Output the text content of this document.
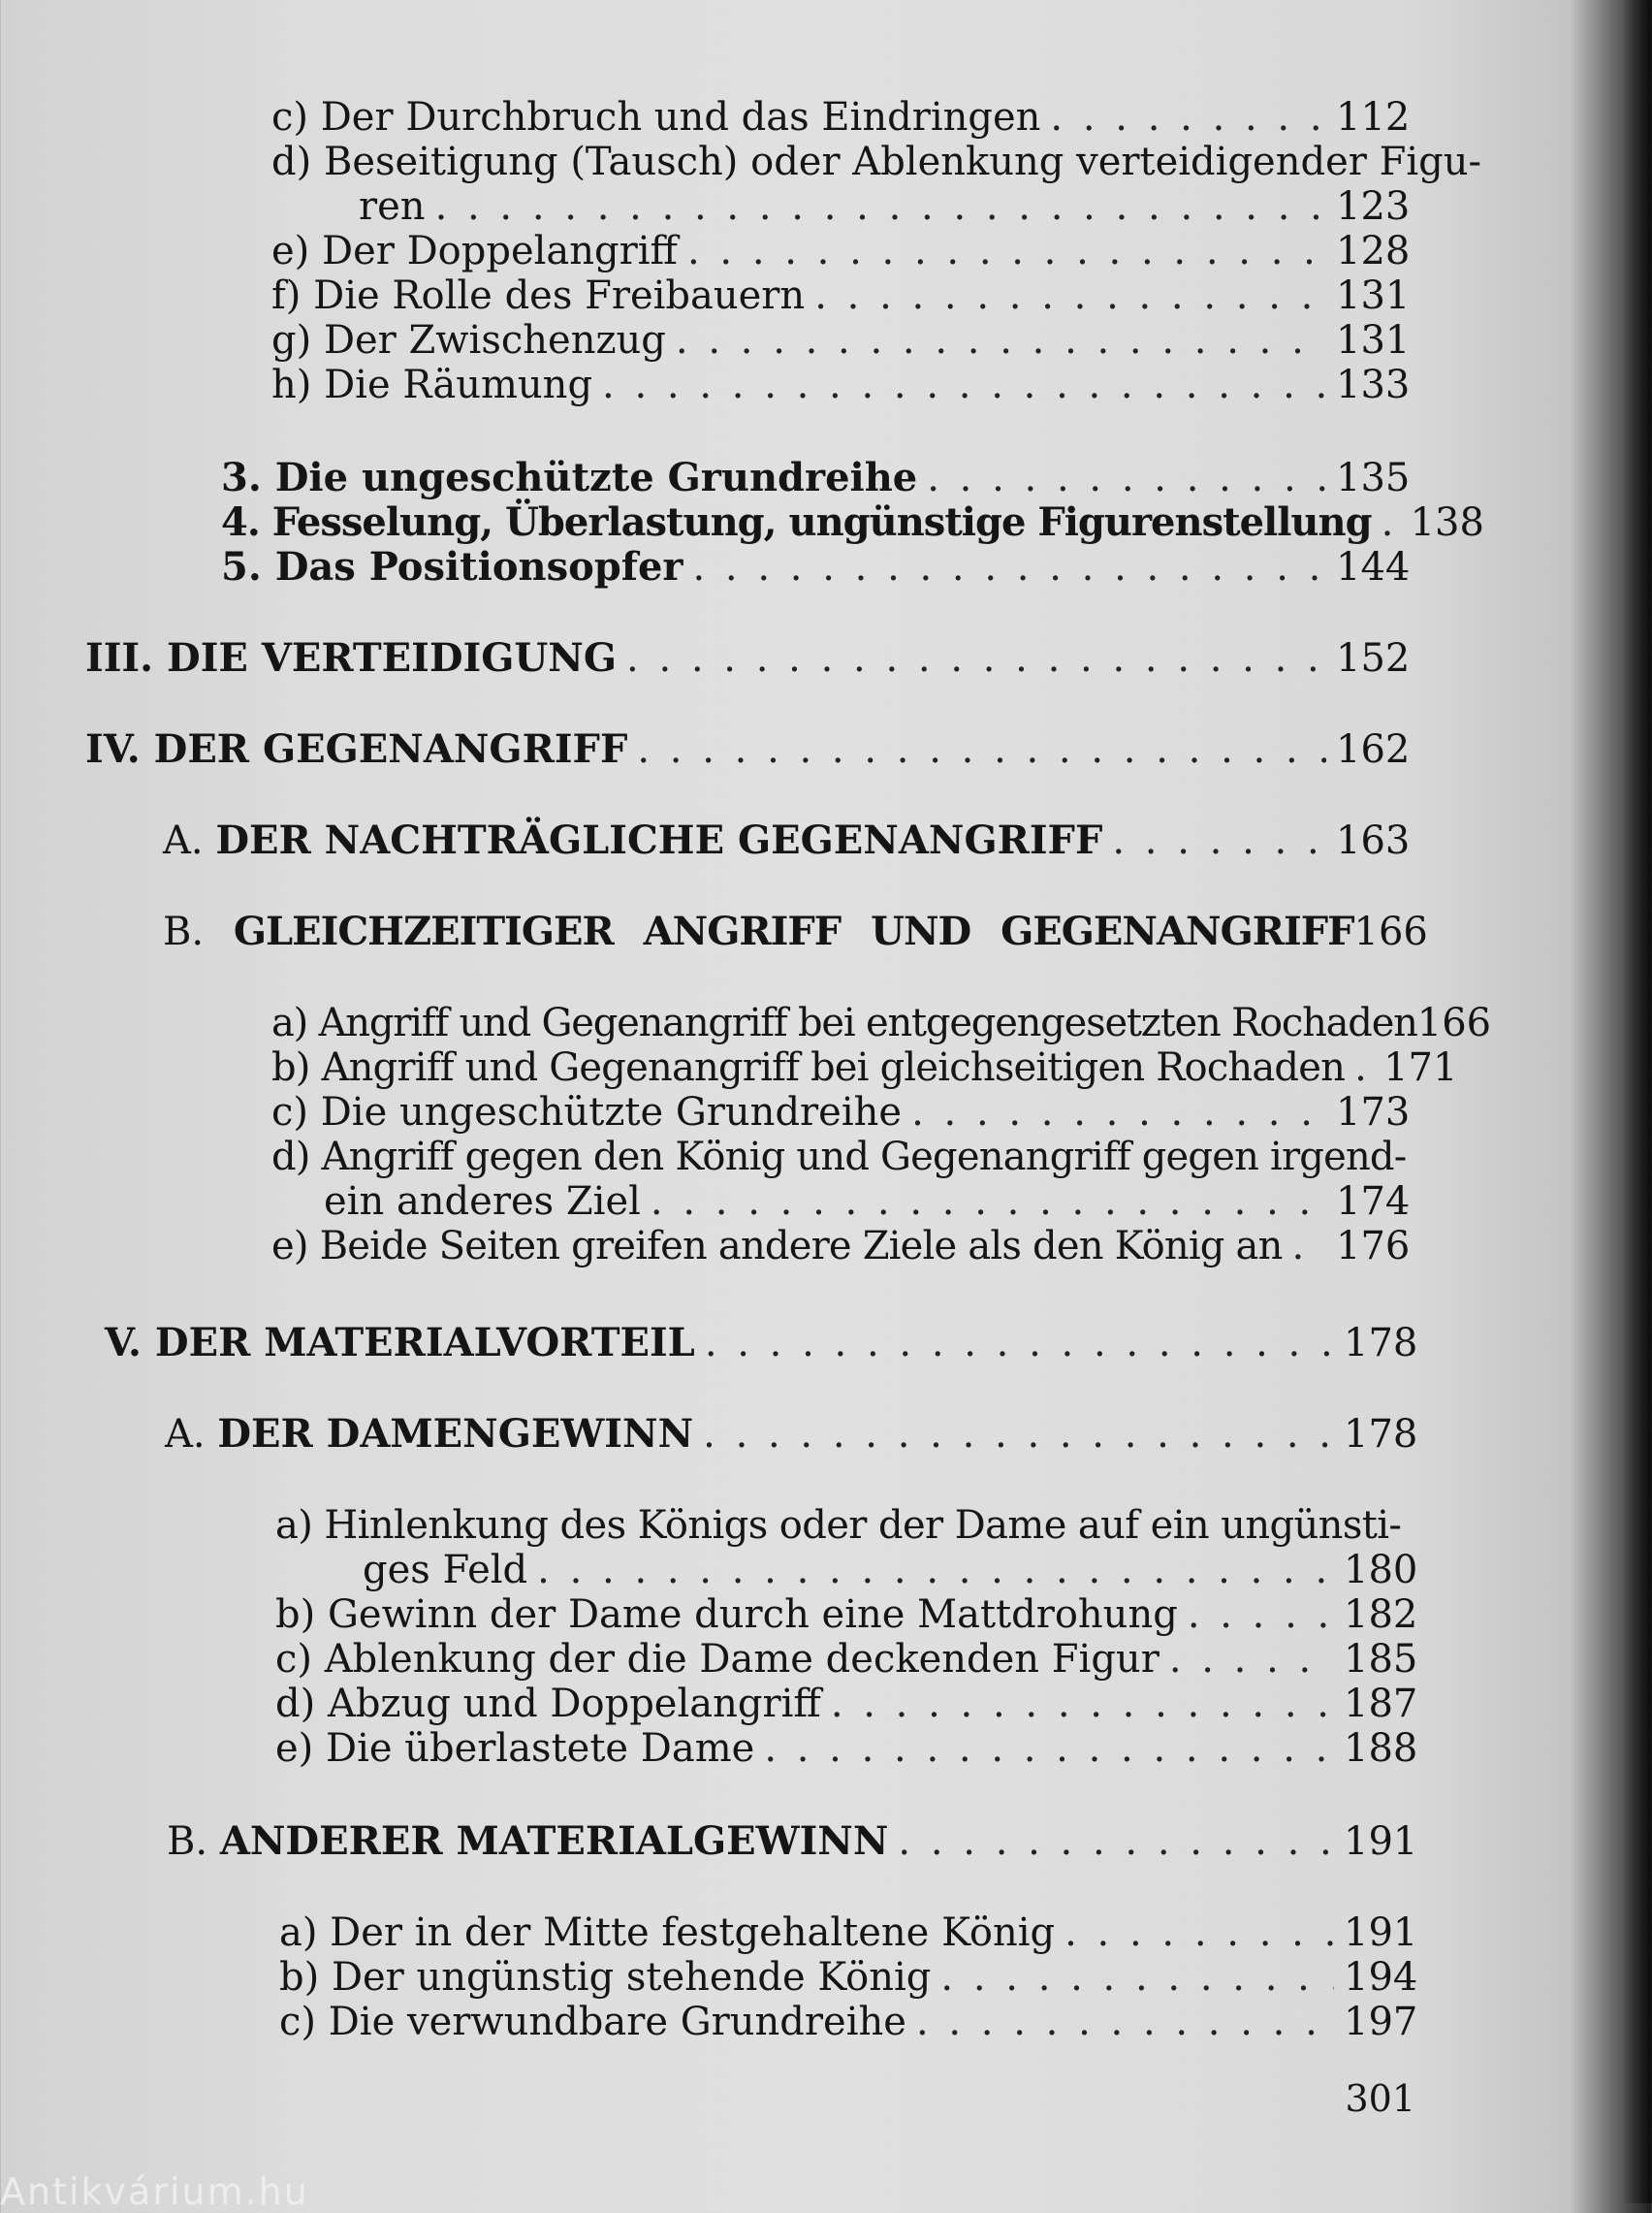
c) Der Durchbruch und das Eindringen . . .	112
d) Beseitigung (Tausch) oder Ablenkung verteidigender Figu-
ren . . .	123
e) Der Doppelangriff . . .	128
f) Die Rolle des Freibauern . . .	131
g) Der Zwischenzug . . .	131
h) Die Räumung . . .	133
3. Die ungeschützte Grundreihe . . .	135
4. Fesselung, Überlastung, ungünstige Figurenstellung . . . 138
5. Das Positionsopfer . . .	144
III. DIE VERTEIDIGUNG . . .	152
IV. DER GEGENANGRIFF . . .	162
A. DER NACHTRÄGLICHE GEGENANGRIFF . . .	163
B. GLEICHZEITIGER ANGRIFF UND GEGENANGRIFF 166
a) Angriff und Gegenangriff bei entgegengesetzten Rochaden 166
b) Angriff und Gegenangriff bei gleichseitigen Rochaden . . . 171
c) Die ungeschützte Grundreihe . . .	173
d) Angriff gegen den König und Gegenangriff gegen irgend-
ein anderes Ziel . . .	174
e) Beide Seiten greifen andere Ziele als den König an . . . 176
V. DER MATERIALVORTEIL . . .	178
A. DER DAMENGEWINN . . .	178
a) Hinlenkung des Königs oder der Dame auf ein ungünsti-
ges Feld . . .	180
b) Gewinn der Dame durch eine Mattdrohung . . .	182
c) Ablenkung der die Dame deckenden Figur . . .	185
d) Abzug und Doppelangriff . . .	187
e) Die überlastete Dame . . .	188
B. ANDERER MATERIALGEWINN . . .	191
a) Der in der Mitte festgehaltene König . . .	191
b) Der ungünstig stehende König . . .	194
c) Die verwundbare Grundreihe . . .	197
301
Antikvárium.hu
